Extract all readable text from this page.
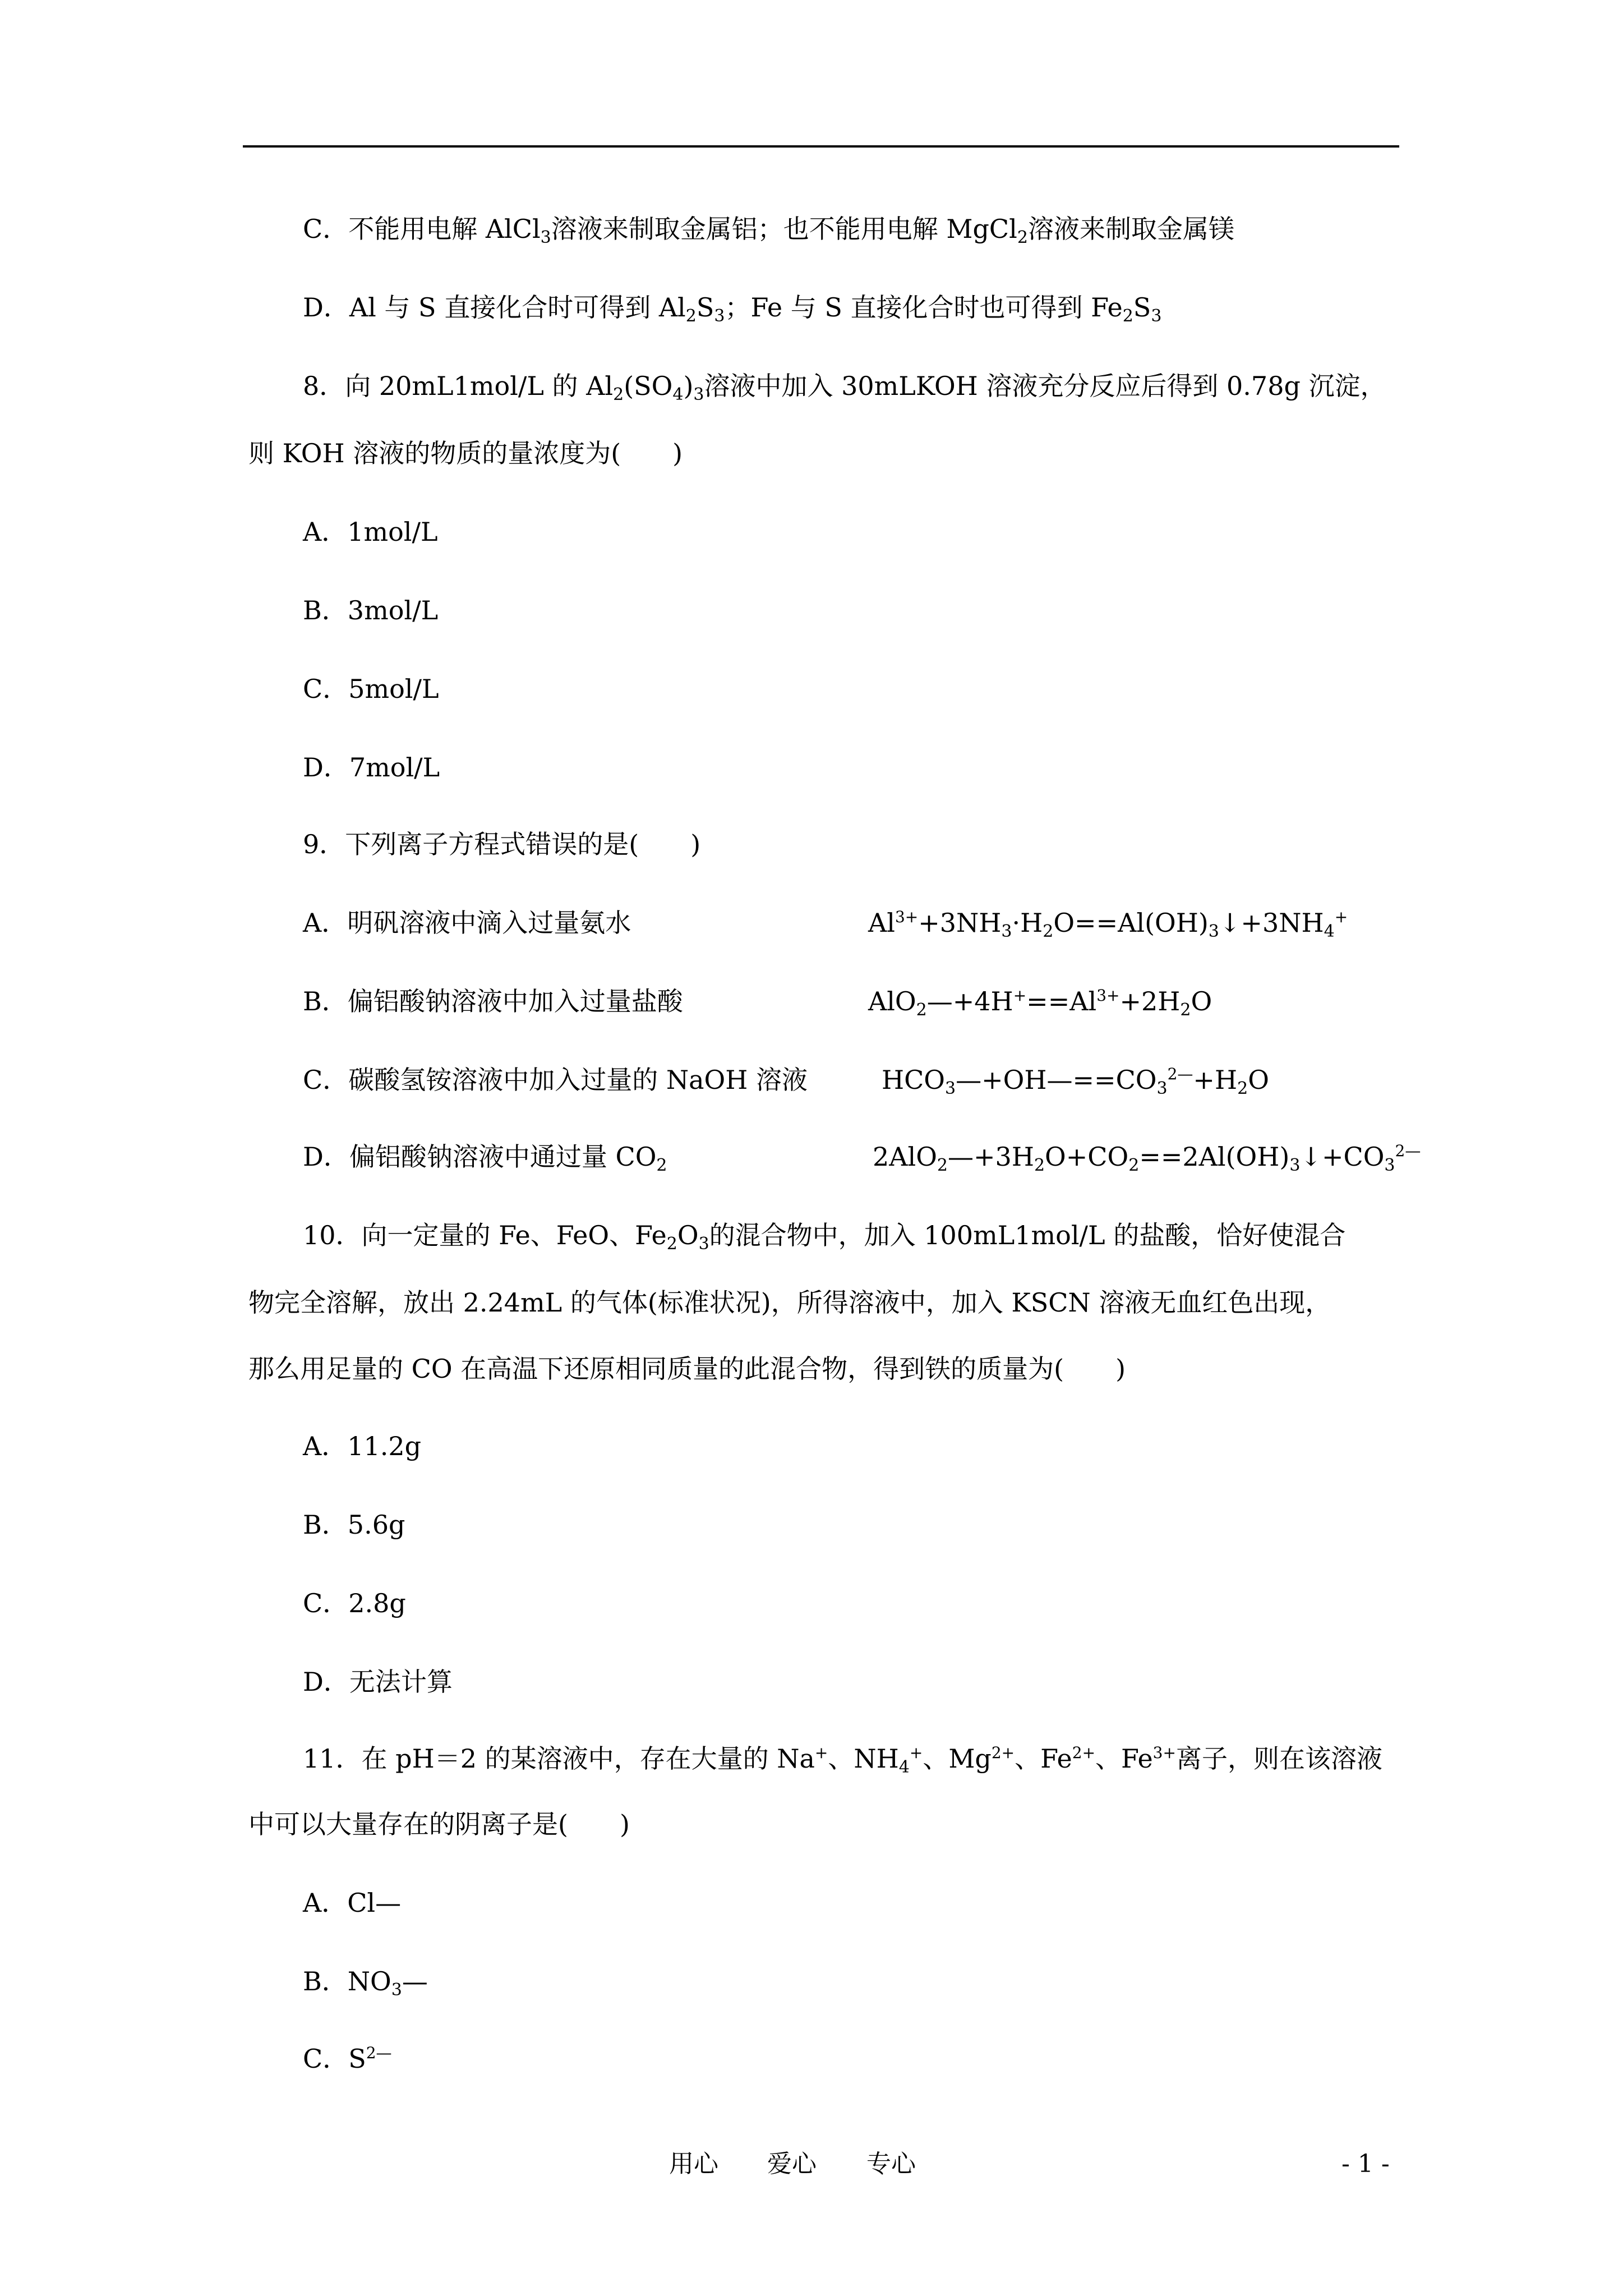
C．不能用电解 AlCl$_3$溶液来制取金属铝；也不能用电解 MgCl$_2$溶液来制取金属镁
D．Al 与 S 直接化合时可得到 $Al_2S_3$；Fe 与 S 直接化合时也可得到 $Fe_2S_3$
8．向 20mL1mol/L 的 $Al_2(SO_4)_3$溶液中加入 30mLKOH 溶液充分反应后得到 0.78g 沉淀，
则 KOH 溶液的物质的量浓度为(　　)
A．1mol/L
B．3mol/L
C．5mol/L
D．7mol/L
9．下列离子方程式错误的是(　　)
A．明矾溶液中滴入过量氨水	$Al^{3+}+3NH_3\cdot H_2O==Al(OH)_3↓+3NH_4^+$
B．偏铝酸钠溶液中加入过量盐酸	$AlO_2—+4H^+==Al^{3+}+2H_2O$
C．碳酸氢铵溶液中加入过量的 NaOH 溶液	$HCO_3—+OH—==CO_3^{2—}+H_2O$
D．偏铝酸钠溶液中通过量 $CO_2$	$2AlO_2—+3H_2O+CO_2==2Al(OH)_3↓+CO_3^{2—}$
10．向一定量的 Fe、FeO、$Fe_2O_3$的混合物中，加入 100mL1mol/L 的盐酸，恰好使混合
物完全溶解，放出 2.24mL 的气体(标准状况)，所得溶液中，加入 KSCN 溶液无血红色出现，
那么用足量的 CO 在高温下还原相同质量的此混合物，得到铁的质量为(　　)
A．11.2g
B．5.6g
C．2.8g
D．无法计算
11．在 pH＝2 的某溶液中，存在大量的 Na+、$NH_4^+$、$Mg^{2+}$、$Fe^{2+}$、$Fe^{3+}$离子，则在该溶液
中可以大量存在的阴离子是(　　)
A．Cl—
B．$NO_3—$
C．$S^{2—}$
用心 爱心 专心	- 1 -
